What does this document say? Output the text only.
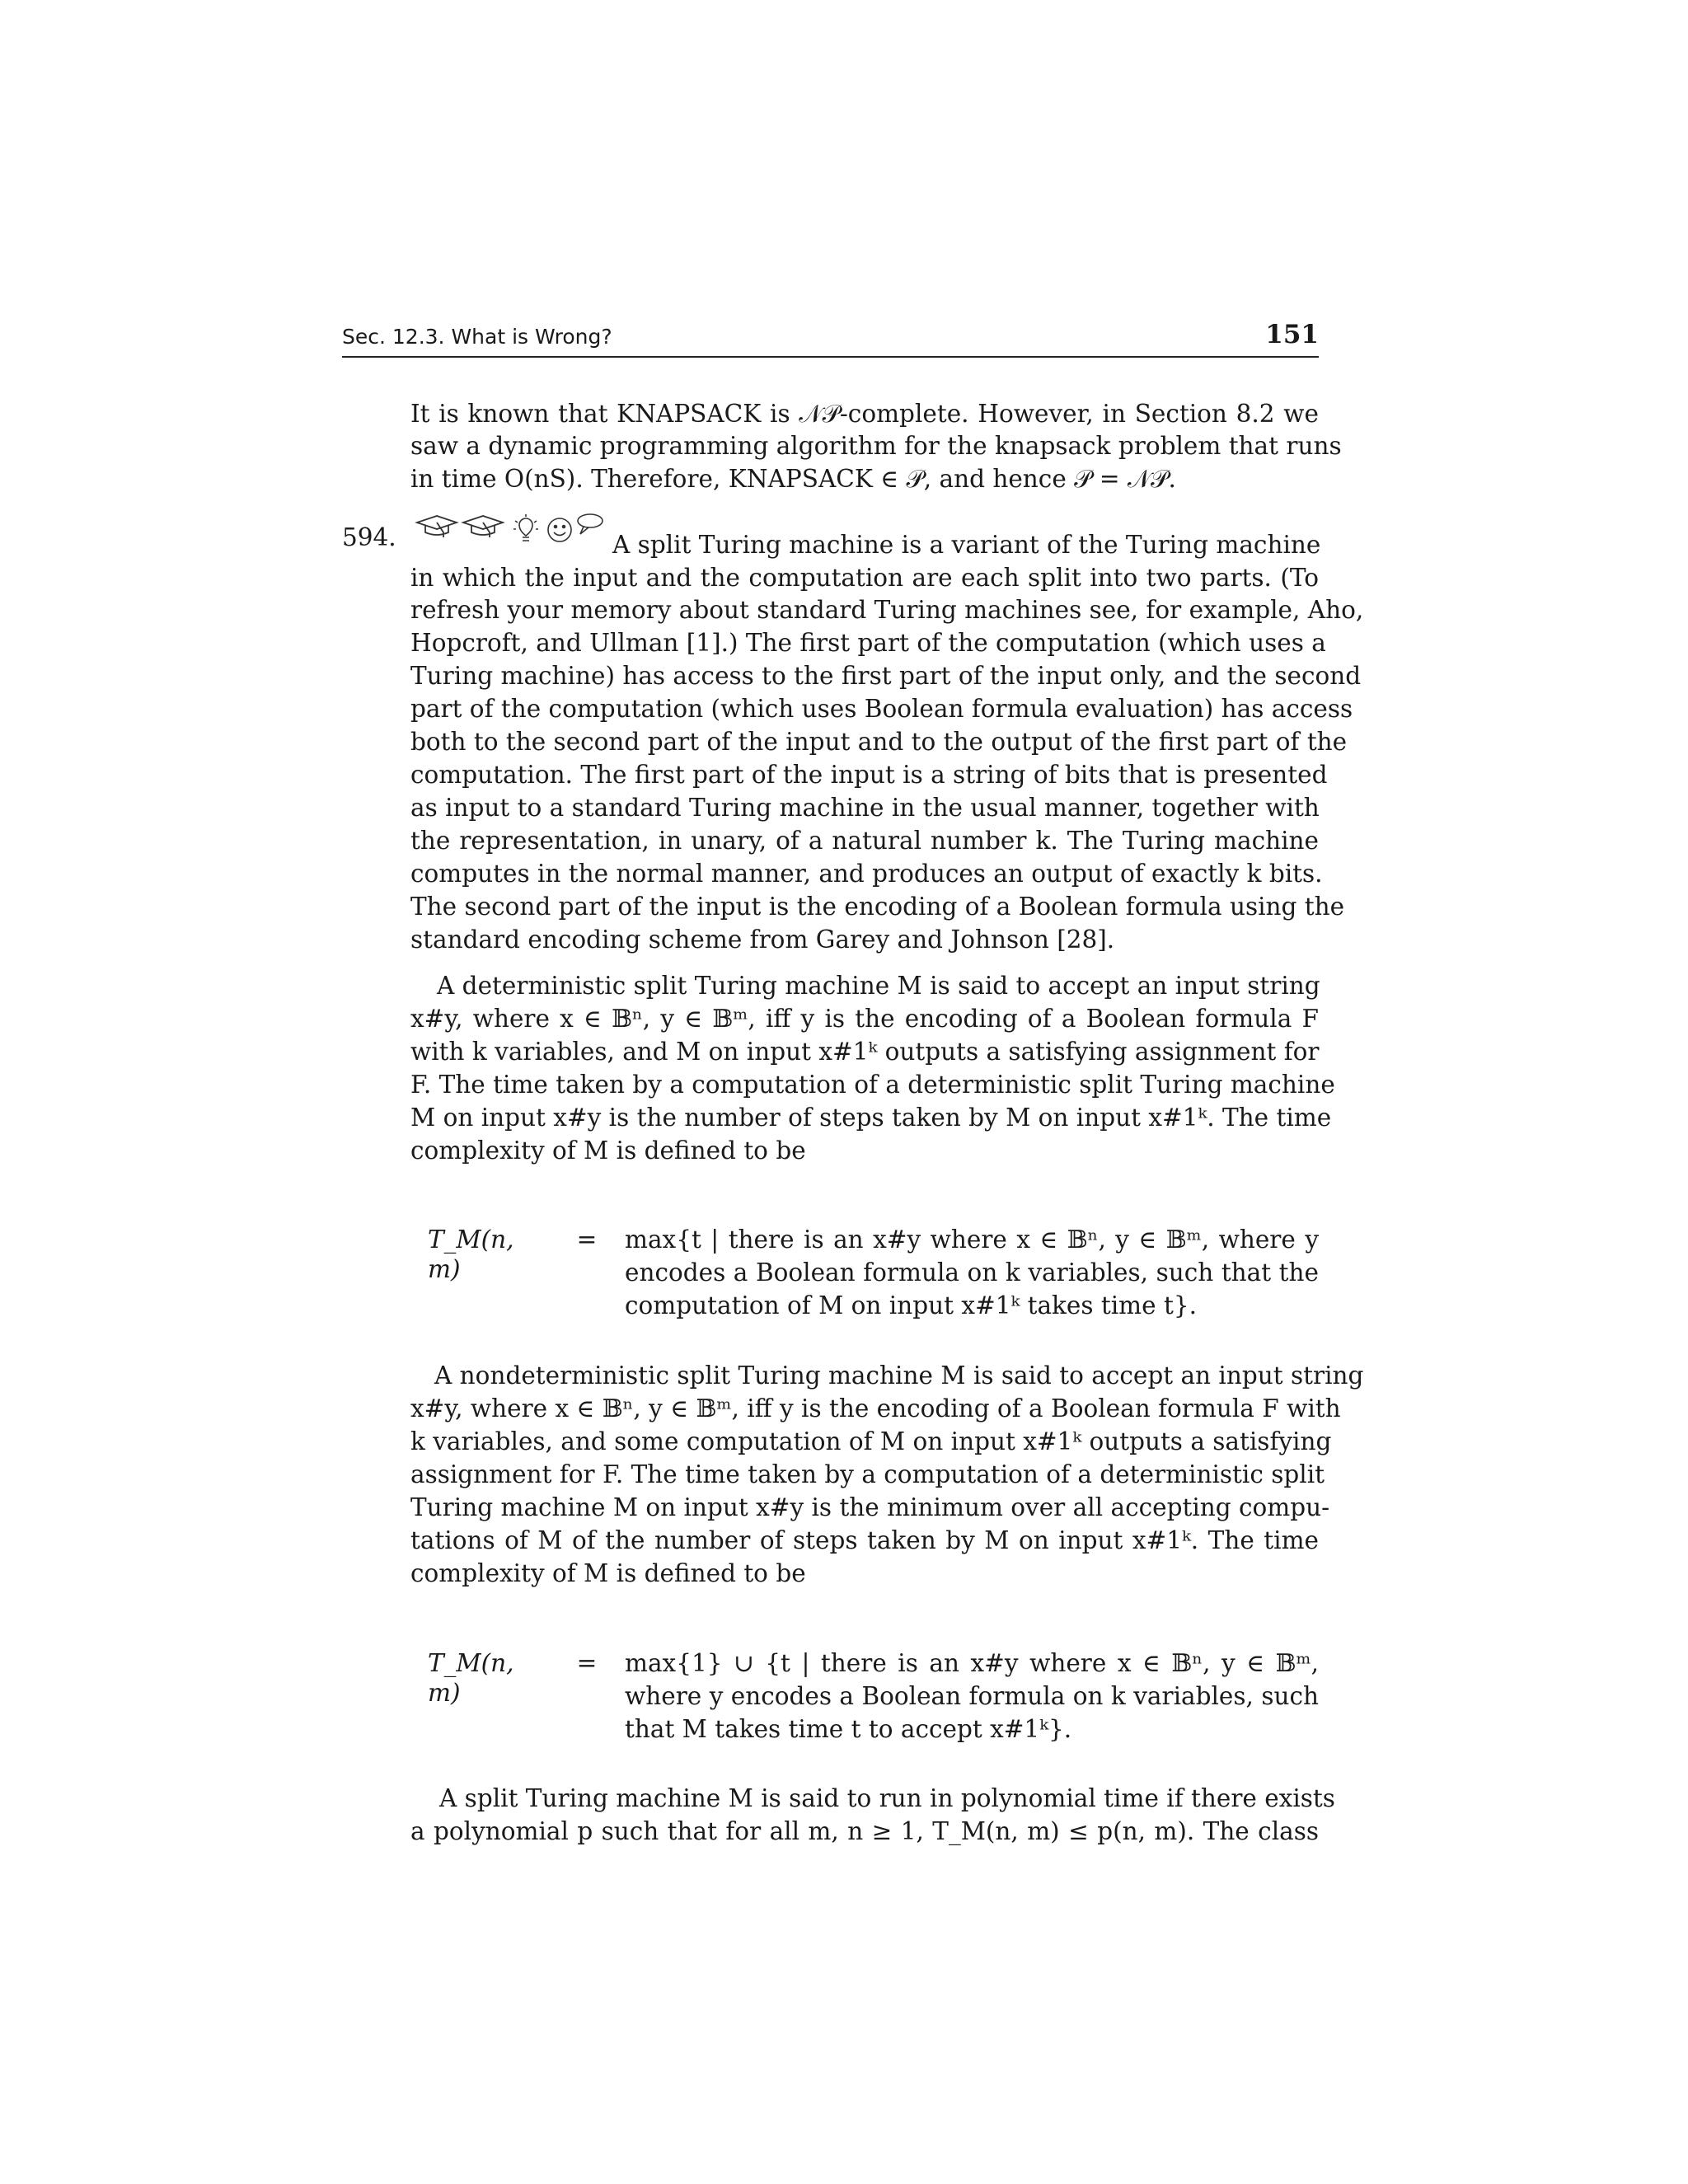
Sec. 12.3. What is Wrong?	151
It is known that KNAPSACK is 𝒩𝒫-complete. However, in Section 8.2 we
saw a dynamic programming algorithm for the knapsack problem that runs
in time O(nS). Therefore, KNAPSACK ∈ 𝒫, and hence 𝒫 = 𝒩𝒫.
594.	A split Turing machine is a variant of the Turing machine
in which the input and the computation are each split into two parts. (To
refresh your memory about standard Turing machines see, for example, Aho,
Hopcroft, and Ullman [1].) The first part of the computation (which uses a
Turing machine) has access to the first part of the input only, and the second
part of the computation (which uses Boolean formula evaluation) has access
both to the second part of the input and to the output of the first part of the
computation. The first part of the input is a string of bits that is presented
as input to a standard Turing machine in the usual manner, together with
the representation, in unary, of a natural number k. The Turing machine
computes in the normal manner, and produces an output of exactly k bits.
The second part of the input is the encoding of a Boolean formula using the
standard encoding scheme from Garey and Johnson [28].
A deterministic split Turing machine M is said to accept an input string
x#y, where x ∈ 𝔹ⁿ, y ∈ 𝔹ᵐ, iff y is the encoding of a Boolean formula F
with k variables, and M on input x#1ᵏ outputs a satisfying assignment for
F. The time taken by a computation of a deterministic split Turing machine
M on input x#y is the number of steps taken by M on input x#1ᵏ. The time
complexity of M is defined to be
T_M(n, m)
= max{t | there is an x#y where x ∈ 𝔹ⁿ, y ∈ 𝔹ᵐ, where y
encodes a Boolean formula on k variables, such that the
computation of M on input x#1ᵏ takes time t}.
A nondeterministic split Turing machine M is said to accept an input string
x#y, where x ∈ 𝔹ⁿ, y ∈ 𝔹ᵐ, iff y is the encoding of a Boolean formula F with
k variables, and some computation of M on input x#1ᵏ outputs a satisfying
assignment for F. The time taken by a computation of a deterministic split
Turing machine M on input x#y is the minimum over all accepting compu-
tations of M of the number of steps taken by M on input x#1ᵏ. The time
complexity of M is defined to be
T_M(n, m)
= max{1} ∪ {t | there is an x#y where x ∈ 𝔹ⁿ, y ∈ 𝔹ᵐ,
where y encodes a Boolean formula on k variables, such
that M takes time t to accept x#1ᵏ}.
A split Turing machine M is said to run in polynomial time if there exists
a polynomial p such that for all m, n ≥ 1, T_M(n, m) ≤ p(n, m). The class
